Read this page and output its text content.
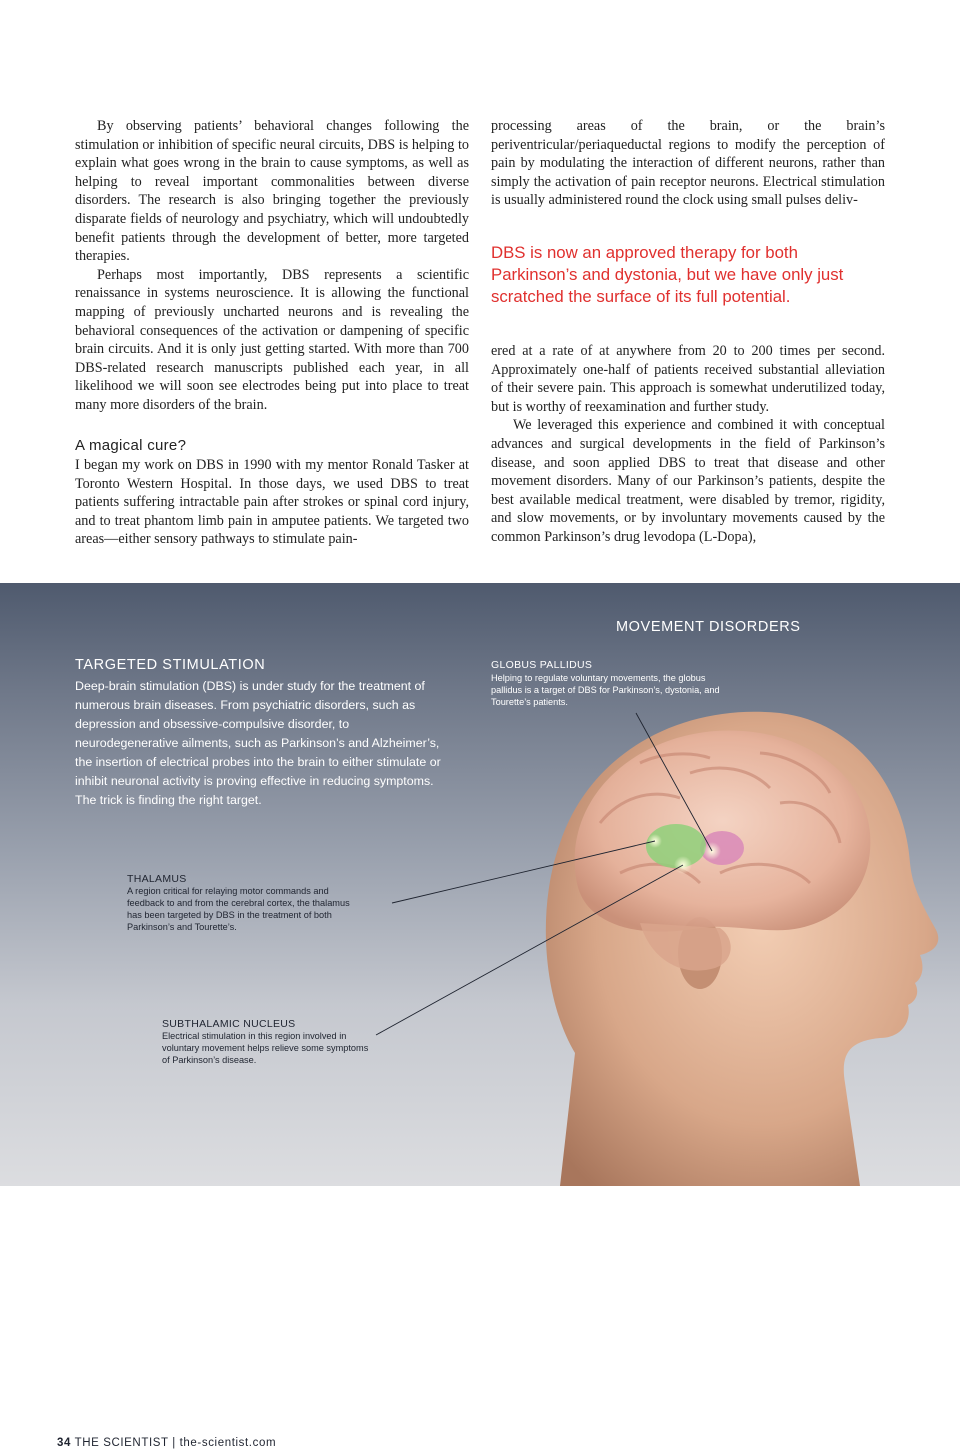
By observing patients’ behavioral changes following the stimulation or inhibition of specific neural circuits, DBS is helping to explain what goes wrong in the brain to cause symptoms, as well as helping to reveal important commonalities between diverse disorders. The research is also bringing together the previously disparate fields of neurology and psychiatry, which will undoubtedly benefit patients through the development of better, more targeted therapies.

Perhaps most importantly, DBS represents a scientific renaissance in systems neuroscience. It is allowing the functional mapping of previously uncharted neurons and is revealing the behavioral consequences of the activation or dampening of specific brain circuits. And it is only just getting started. With more than 700 DBS-related research manuscripts published each year, in all likelihood we will soon see electrodes being put into place to treat many more disorders of the brain.

A magical cure?

I began my work on DBS in 1990 with my mentor Ronald Tasker at Toronto Western Hospital. In those days, we used DBS to treat patients suffering intractable pain after strokes or spinal cord injury, and to treat phantom limb pain in amputee patients. We targeted two areas—either sensory pathways to stimulate pain-

processing areas of the brain, or the brain’s periventricular/periaqueductal regions to modify the perception of pain by modulating the interaction of different neurons, rather than simply the activation of pain receptor neurons. Electrical stimulation is usually administered round the clock using small pulses deliv-

DBS is now an approved therapy for both Parkinson’s and dystonia, but we have only just scratched the surface of its full potential.

ered at a rate of at anywhere from 20 to 200 times per second. Approximately one-half of patients received substantial alleviation of their severe pain. This approach is somewhat underutilized today, but is worthy of reexamination and further study.

We leveraged this experience and combined it with conceptual advances and surgical developments in the field of Parkinson’s disease, and soon applied DBS to treat that disease and other movement disorders. Many of our Parkinson’s patients, despite the best available medical treatment, were disabled by tremor, rigidity, and slow movements, or by involuntary movements caused by the common Parkinson’s drug levodopa (L-Dopa),

MOVEMENT DISORDERS
TARGETED STIMULATION
Deep-brain stimulation (DBS) is under study for the treatment of numerous brain diseases. From psychiatric disorders, such as depression and obsessive-compulsive disorder, to neurodegenerative ailments, such as Parkinson’s and Alzheimer’s, the insertion of electrical probes into the brain to either stimulate or inhibit neuronal activity is proving effective in reducing symptoms. The trick is finding the right target.
GLOBUS PALLIDUS
Helping to regulate voluntary movements, the globus pallidus is a target of DBS for Parkinson’s, dystonia, and Tourette’s patients.
THALAMUS
A region critical for relaying motor commands and feedback to and from the cerebral cortex, the thalamus has been targeted by DBS in the treatment of both Parkinson’s and Tourette’s.
SUBTHALAMIC NUCLEUS
Electrical stimulation in this region involved in voluntary movement helps relieve some symptoms of Parkinson’s disease.
34 THE SCIENTIST | the-scientist.com
